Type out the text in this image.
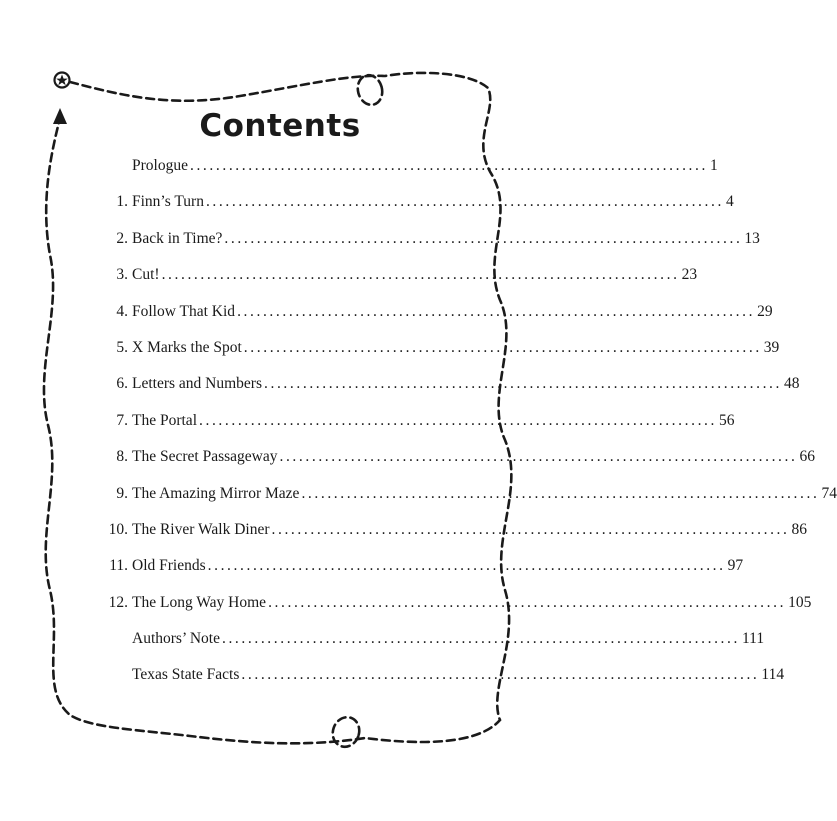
Contents
Prologue ................................................................................ 1
1. Finn’s Turn ................................................................................ 4
2. Back in Time? ................................................................................ 13
3. Cut! ................................................................................ 23
4. Follow That Kid ................................................................................ 29
5. X Marks the Spot ................................................................................ 39
6. Letters and Numbers ................................................................................ 48
7. The Portal ................................................................................ 56
8. The Secret Passageway ................................................................................ 66
9. The Amazing Mirror Maze ................................................................................ 74
10. The River Walk Diner ................................................................................ 86
11. Old Friends ................................................................................ 97
12. The Long Way Home ................................................................................ 105
Authors’ Note ................................................................................ 111
Texas State Facts ................................................................................ 114
